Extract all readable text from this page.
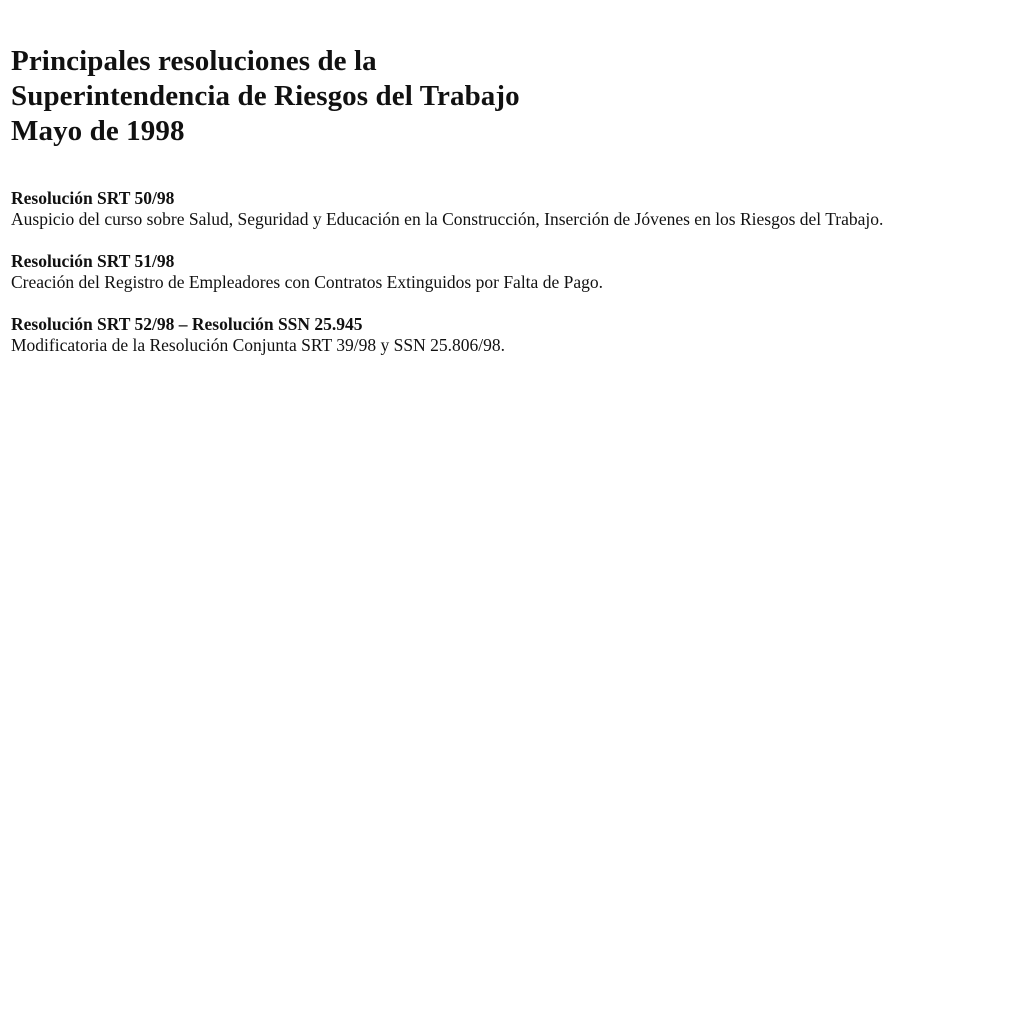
Principales resoluciones de la
Superintendencia de Riesgos del Trabajo
Mayo de 1998
Resolución SRT 50/98
Auspicio del curso sobre Salud, Seguridad y Educación en la Construcción, Inserción de Jóvenes en los Riesgos del Trabajo.
Resolución SRT 51/98
Creación del Registro de Empleadores con Contratos Extinguidos por Falta de Pago.
Resolución SRT 52/98 – Resolución SSN 25.945
Modificatoria de la Resolución Conjunta SRT 39/98 y SSN 25.806/98.
